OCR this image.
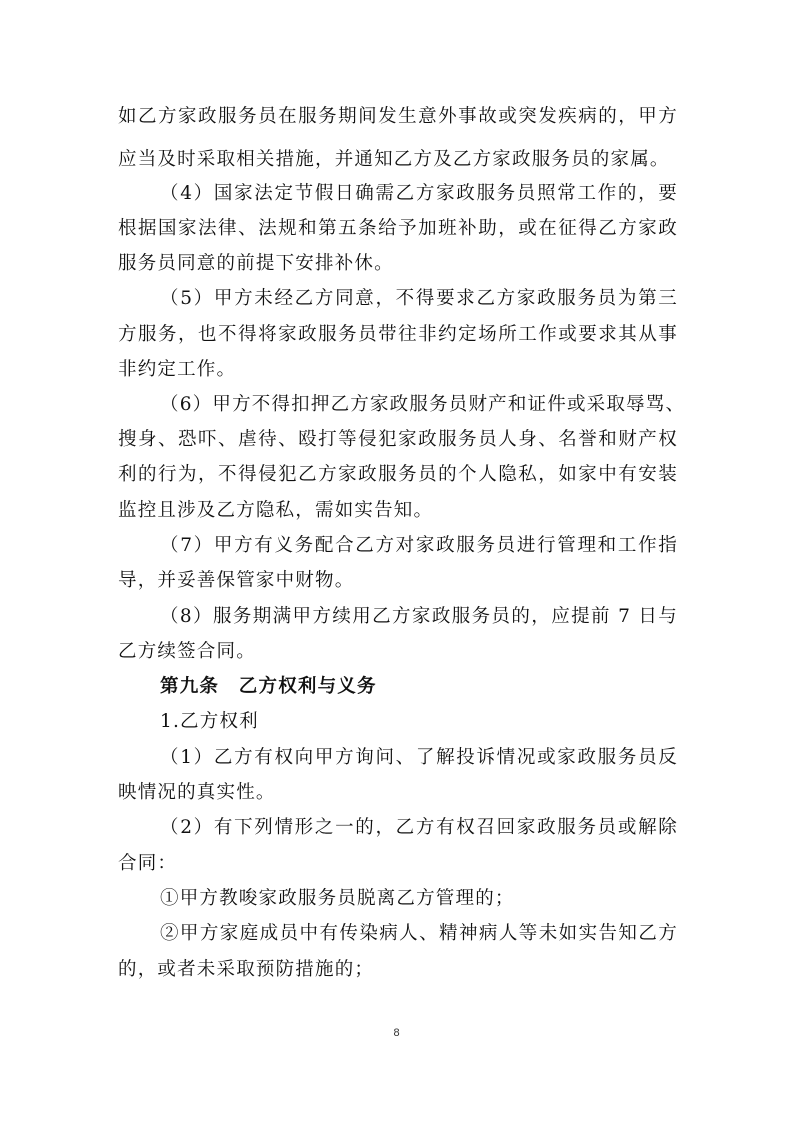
如乙方家政服务员在服务期间发生意外事故或突发疾病的，甲方
应当及时采取相关措施，并通知乙方及乙方家政服务员的家属。
（4）国家法定节假日确需乙方家政服务员照常工作的，要
根据国家法律、法规和第五条给予加班补助，或在征得乙方家政
服务员同意的前提下安排补休。
（5）甲方未经乙方同意，不得要求乙方家政服务员为第三
方服务，也不得将家政服务员带往非约定场所工作或要求其从事
非约定工作。
（6）甲方不得扣押乙方家政服务员财产和证件或采取辱骂、
搜身、恐吓、虐待、殴打等侵犯家政服务员人身、名誉和财产权
利的行为，不得侵犯乙方家政服务员的个人隐私，如家中有安装
监控且涉及乙方隐私，需如实告知。
（7）甲方有义务配合乙方对家政服务员进行管理和工作指
导，并妥善保管家中财物。
（8）服务期满甲方续用乙方家政服务员的，应提前 7 日与
乙方续签合同。
第九条　乙方权利与义务
1.乙方权利
（1）乙方有权向甲方询问、了解投诉情况或家政服务员反
映情况的真实性。
（2）有下列情形之一的，乙方有权召回家政服务员或解除
合同：
①甲方教唆家政服务员脱离乙方管理的；
②甲方家庭成员中有传染病人、精神病人等未如实告知乙方
的，或者未采取预防措施的；
8
